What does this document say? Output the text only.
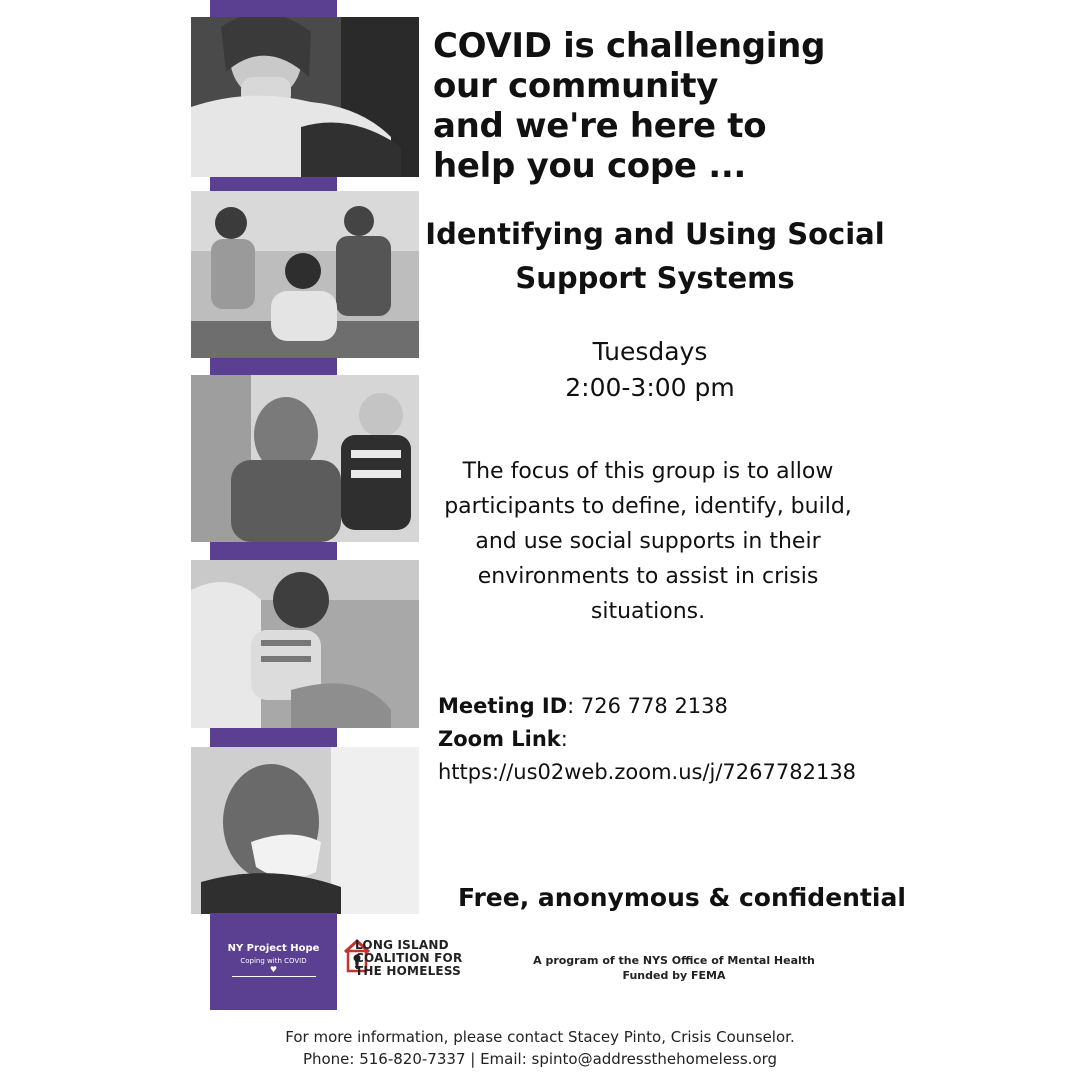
COVID is challenging
our community
and we're here to
help you cope ...
Identifying and Using Social
Support Systems
Tuesdays
2:00-3:00 pm
The focus of this group is to allow participants to define, identify, build, and use social supports in their environments to assist in crisis situations.
Meeting ID: 726 778 2138
Zoom Link:
https://us02web.zoom.us/j/7267782138
Free, anonymous & confidential
NY Project Hope
Coping with COVID
♥
LONG ISLAND
COALITION FOR
THE HOMELESS
A program of the NYS Office of Mental Health
Funded by FEMA
For more information, please contact Stacey Pinto, Crisis Counselor.
Phone: 516-820-7337 | Email: spinto@addressthehomeless.org
